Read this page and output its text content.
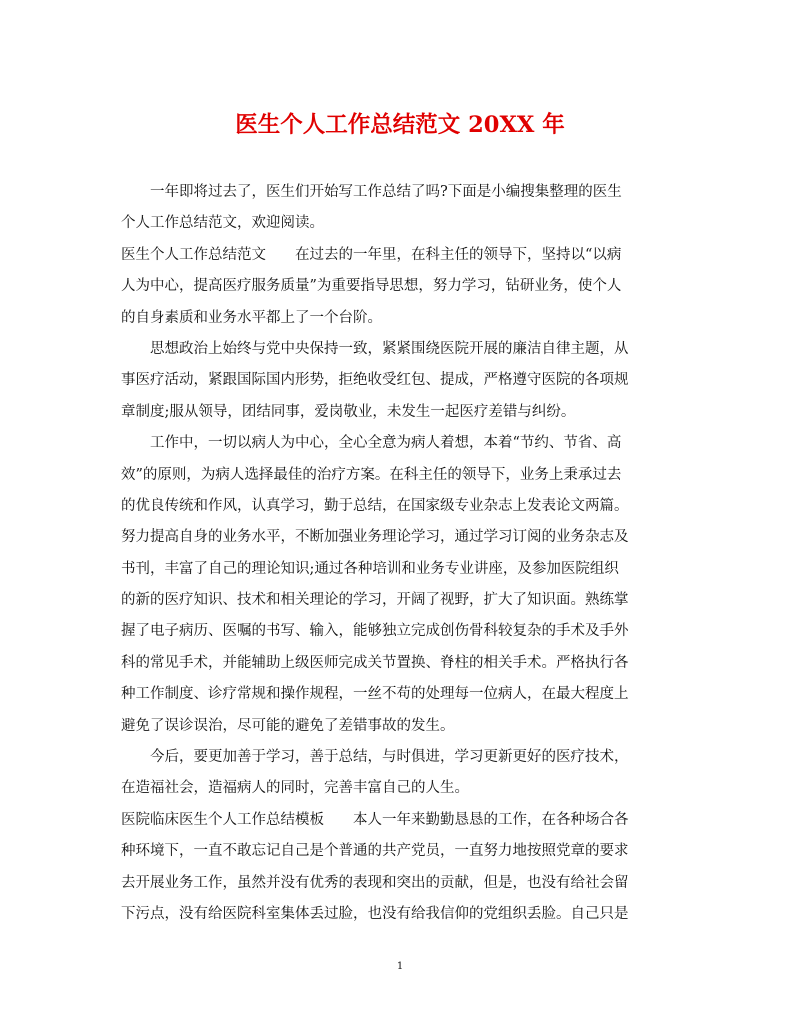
医生个人工作总结范文 20XX 年
一年即将过去了，医生们开始写工作总结了吗?下面是小编搜集整理的医生
个人工作总结范文，欢迎阅读。
医生个人工作总结范文　　在过去的一年里，在科主任的领导下，坚持以“以病
人为中心，提高医疗服务质量”为重要指导思想，努力学习，钻研业务，使个人
的自身素质和业务水平都上了一个台阶。
思想政治上始终与党中央保持一致，紧紧围绕医院开展的廉洁自律主题，从
事医疗活动，紧跟国际国内形势，拒绝收受红包、提成，严格遵守医院的各项规
章制度;服从领导，团结同事，爱岗敬业，未发生一起医疗差错与纠纷。
工作中，一切以病人为中心，全心全意为病人着想，本着“节约、节省、高
效”的原则，为病人选择最佳的治疗方案。在科主任的领导下，业务上秉承过去
的优良传统和作风，认真学习，勤于总结，在国家级专业杂志上发表论文两篇。
努力提高自身的业务水平，不断加强业务理论学习，通过学习订阅的业务杂志及
书刊，丰富了自己的理论知识;通过各种培训和业务专业讲座，及参加医院组织
的新的医疗知识、技术和相关理论的学习，开阔了视野，扩大了知识面。熟练掌
握了电子病历、医嘱的书写、输入，能够独立完成创伤骨科较复杂的手术及手外
科的常见手术，并能辅助上级医师完成关节置换、脊柱的相关手术。严格执行各
种工作制度、诊疗常规和操作规程，一丝不苟的处理每一位病人，在最大程度上
避免了误诊误治，尽可能的避免了差错事故的发生。
今后，要更加善于学习，善于总结，与时俱进，学习更新更好的医疗技术，
在造福社会，造福病人的同时，完善丰富自己的人生。
医院临床医生个人工作总结模板　　本人一年来勤勤恳恳的工作，在各种场合各
种环境下，一直不敢忘记自己是个普通的共产党员，一直努力地按照党章的要求
去开展业务工作，虽然并没有优秀的表现和突出的贡献，但是，也没有给社会留
下污点，没有给医院科室集体丢过脸，也没有给我信仰的党组织丢脸。自己只是
1
